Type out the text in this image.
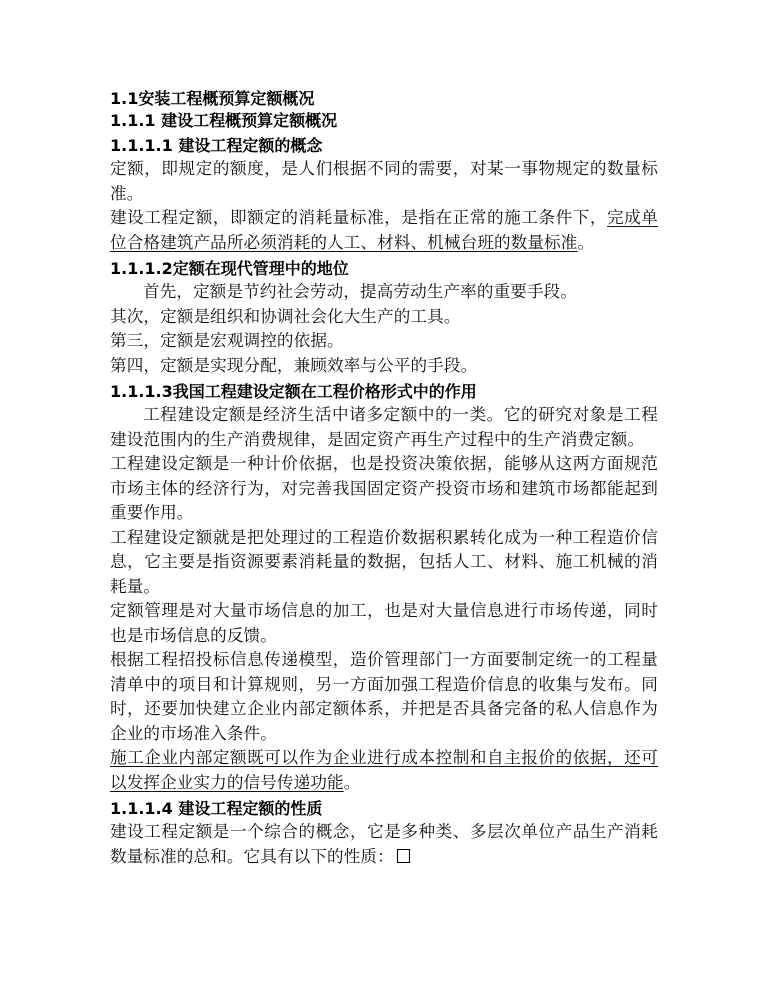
1.1安装工程概预算定额概况

1.1.1 建设工程概预算定额概况

1.1.1.1 建设工程定额的概念

定额，即规定的额度，是人们根据不同的需要，对某一事物规定的数量标准。

建设工程定额，即额定的消耗量标准，是指在正常的施工条件下，完成单位合格建筑产品所必须消耗的人工、材料、机械台班的数量标准。

1.1.1.2定额在现代管理中的地位

首先，定额是节约社会劳动，提高劳动生产率的重要手段。

其次，定额是组织和协调社会化大生产的工具。

第三，定额是宏观调控的依据。

第四，定额是实现分配，兼顾效率与公平的手段。

1.1.1.3我国工程建设定额在工程价格形式中的作用

工程建设定额是经济生活中诸多定额中的一类。它的研究对象是工程建设范围内的生产消费规律，是固定资产再生产过程中的生产消费定额。

工程建设定额是一种计价依据，也是投资决策依据，能够从这两方面规范市场主体的经济行为，对完善我国固定资产投资市场和建筑市场都能起到重要作用。

工程建设定额就是把处理过的工程造价数据积累转化成为一种工程造价信息，它主要是指资源要素消耗量的数据，包括人工、材料、施工机械的消耗量。

定额管理是对大量市场信息的加工，也是对大量信息进行市场传递，同时也是市场信息的反馈。

根据工程招投标信息传递模型，造价管理部门一方面要制定统一的工程量清单中的项目和计算规则，另一方面加强工程造价信息的收集与发布。同时，还要加快建立企业内部定额体系，并把是否具备完备的私人信息作为企业的市场准入条件。

施工企业内部定额既可以作为企业进行成本控制和自主报价的依据，还可以发挥企业实力的信号传递功能。

1.1.1.4 建设工程定额的性质

建设工程定额是一个综合的概念，它是多种类、多层次单位产品生产消耗数量标准的总和。它具有以下的性质：
